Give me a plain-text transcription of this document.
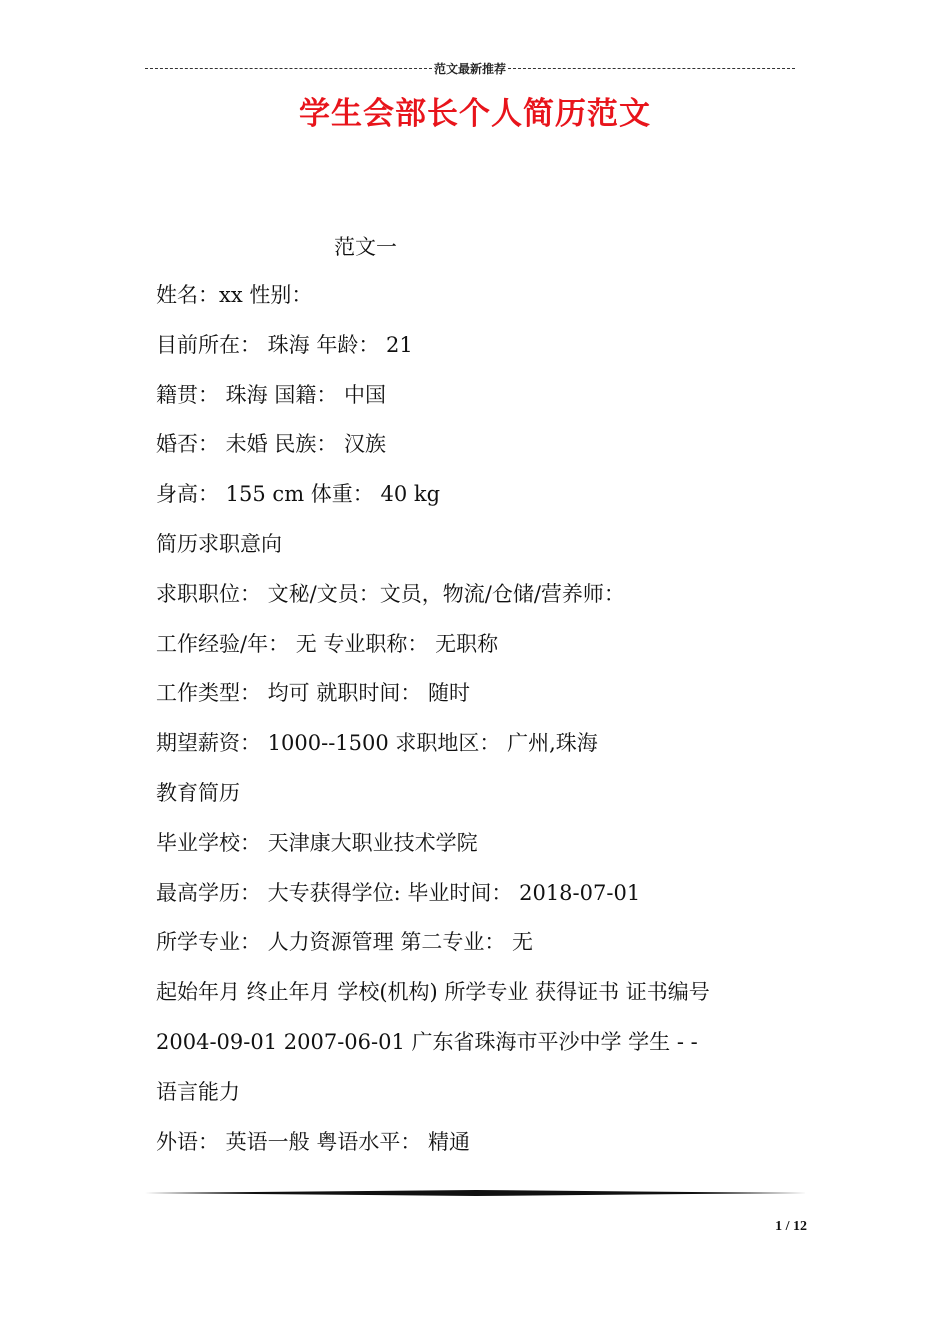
范文最新推荐
学生会部长个人简历范文
范文一
姓名：xx 性别：
目前所在： 珠海 年龄： 21
籍贯： 珠海 国籍： 中国
婚否： 未婚 民族： 汉族
身高： 155 cm 体重： 40 kg
简历求职意向
求职职位： 文秘/文员：文员，物流/仓储/营养师：
工作经验/年： 无 专业职称： 无职称
工作类型： 均可 就职时间： 随时
期望薪资： 1000--1500 求职地区： 广州,珠海
教育简历
毕业学校： 天津康大职业技术学院
最高学历： 大专获得学位: 毕业时间： 2018-07-01
所学专业： 人力资源管理 第二专业： 无
起始年月 终止年月 学校(机构) 所学专业 获得证书 证书编号
2004-09-01 2007-06-01 广东省珠海市平沙中学 学生 - -
语言能力
外语： 英语一般 粤语水平： 精通
1 / 12
